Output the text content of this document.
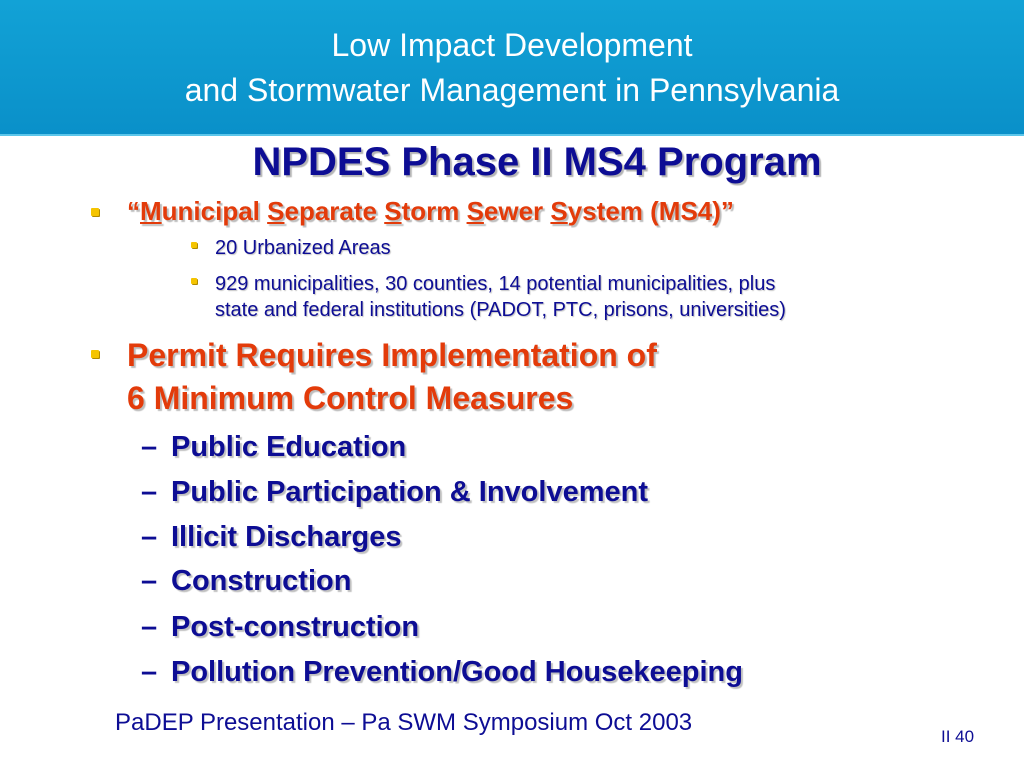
Low Impact Development
and Stormwater Management in Pennsylvania
NPDES Phase II MS4 Program
“Municipal Separate Storm Sewer System (MS4)”
20 Urbanized Areas
929 municipalities, 30 counties, 14 potential municipalities, plus
state and federal institutions (PADOT, PTC, prisons, universities)
Permit Requires Implementation of
6 Minimum Control Measures
– Public Education
– Public Participation & Involvement
– Illicit Discharges
– Construction
– Post-construction
– Pollution Prevention/Good Housekeeping
PaDEP Presentation – Pa SWM Symposium Oct 2003
II 40
